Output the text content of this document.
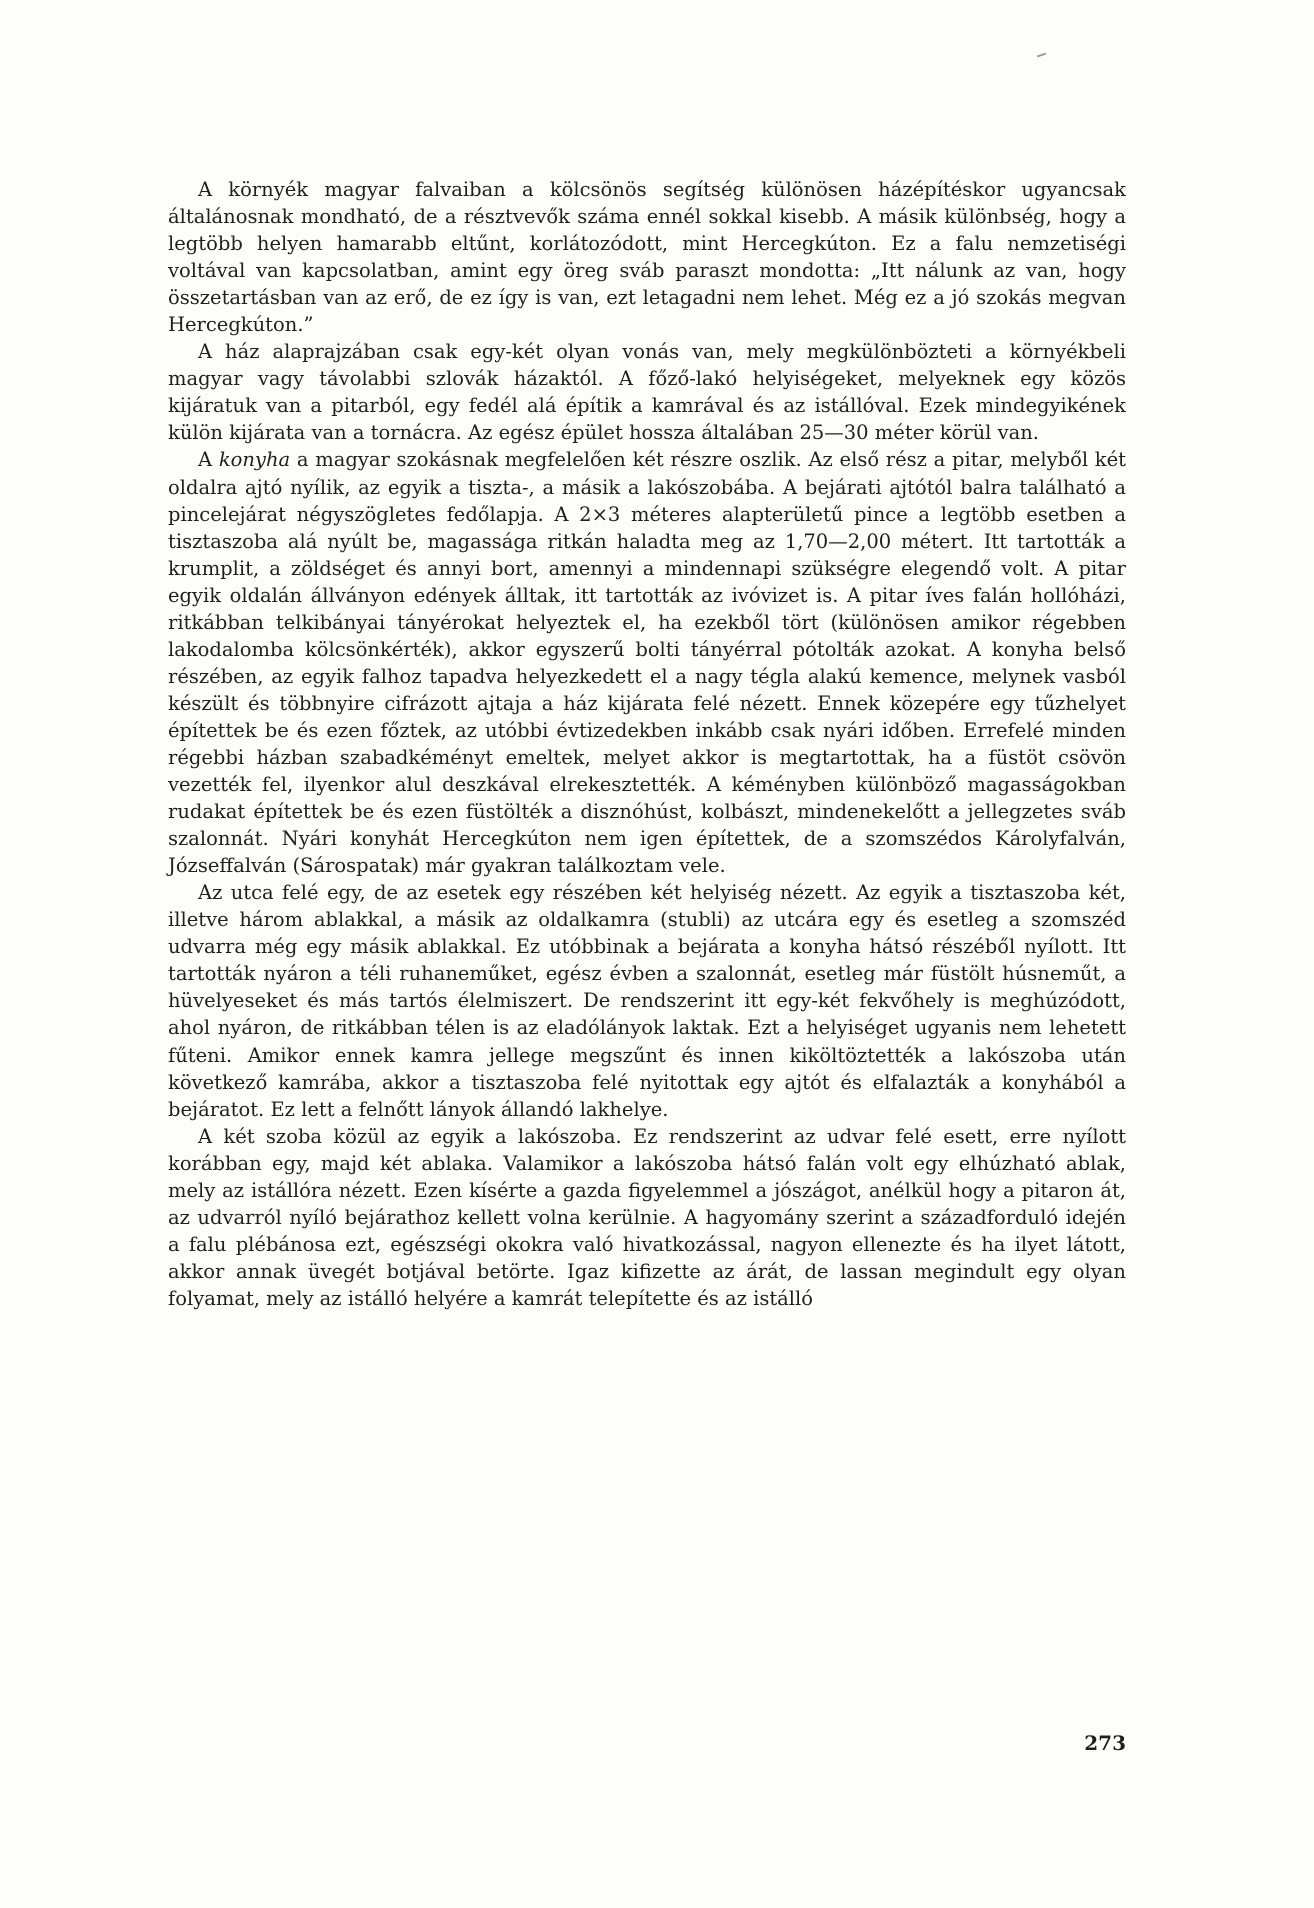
A környék magyar falvaiban a kölcsönös segítség különösen házépítéskor ugyancsak általánosnak mondható, de a résztvevők száma ennél sokkal kisebb. A másik különbség, hogy a legtöbb helyen hamarabb eltűnt, korlátozódott, mint Hercegkúton. Ez a falu nemzetiségi voltával van kapcsolatban, amint egy öreg sváb paraszt mondotta: „Itt nálunk az van, hogy összetartásban van az erő, de ez így is van, ezt letagadni nem lehet. Még ez a jó szokás megvan Hercegkúton.”

A ház alaprajzában csak egy-két olyan vonás van, mely megkülönbözteti a környékbeli magyar vagy távolabbi szlovák házaktól. A főző-lakó helyiségeket, melyeknek egy közös kijáratuk van a pitarból, egy fedél alá építik a kamrával és az istállóval. Ezek mindegyikének külön kijárata van a tornácra. Az egész épület hossza általában 25—30 méter körül van.

A konyha a magyar szokásnak megfelelően két részre oszlik. Az első rész a pitar, melyből két oldalra ajtó nyílik, az egyik a tiszta-, a másik a lakószobába. A bejárati ajtótól balra található a pincelejárat négyszögletes fedőlapja. A 2×3 méteres alapterületű pince a legtöbb esetben a tisztaszoba alá nyúlt be, magassága ritkán haladta meg az 1,70—2,00 métert. Itt tartották a krumplit, a zöldséget és annyi bort, amennyi a mindennapi szükségre elegendő volt. A pitar egyik oldalán állványon edények álltak, itt tartották az ivóvizet is. A pitar íves falán hollóházi, ritkábban telkibányai tányérokat helyeztek el, ha ezekből tört (különösen amikor régebben lakodalomba kölcsönkérték), akkor egyszerű bolti tányérral pótolták azokat. A konyha belső részében, az egyik falhoz tapadva helyezkedett el a nagy tégla alakú kemence, melynek vasból készült és többnyire cifrázott ajtaja a ház kijárata felé nézett. Ennek közepére egy tűzhelyet építettek be és ezen főztek, az utóbbi évtizedekben inkább csak nyári időben. Errefelé minden régebbi házban szabadkéményt emeltek, melyet akkor is megtartottak, ha a füstöt csövön vezették fel, ilyenkor alul deszkával elrekesztették. A kéményben különböző magasságokban rudakat építettek be és ezen füstölték a disznóhúst, kolbászt, mindenekelőtt a jellegzetes sváb szalonnát. Nyári konyhát Hercegkúton nem igen építettek, de a szomszédos Károlyfalván, Józseffalván (Sárospatak) már gyakran találkoztam vele.

Az utca felé egy, de az esetek egy részében két helyiség nézett. Az egyik a tisztaszoba két, illetve három ablakkal, a másik az oldalkamra (stubli) az utcára egy és esetleg a szomszéd udvarra még egy másik ablakkal. Ez utóbbinak a bejárata a konyha hátsó részéből nyílott. Itt tartották nyáron a téli ruhaneműket, egész évben a szalonnát, esetleg már füstölt húsneműt, a hüvelyeseket és más tartós élelmiszert. De rendszerint itt egy-két fekvőhely is meghúzódott, ahol nyáron, de ritkábban télen is az eladólányok laktak. Ezt a helyiséget ugyanis nem lehetett fűteni. Amikor ennek kamra jellege megszűnt és innen kiköltöztették a lakószoba után következő kamrába, akkor a tisztaszoba felé nyitottak egy ajtót és elfalazták a konyhából a bejáratot. Ez lett a felnőtt lányok állandó lakhelye.

A két szoba közül az egyik a lakószoba. Ez rendszerint az udvar felé esett, erre nyílott korábban egy, majd két ablaka. Valamikor a lakószoba hátsó falán volt egy elhúzható ablak, mely az istállóra nézett. Ezen kísérte a gazda figyelemmel a jószágot, anélkül hogy a pitaron át, az udvarról nyíló bejárathoz kellett volna kerülnie. A hagyomány szerint a századforduló idején a falu plébánosa ezt, egészségi okokra való hivatkozással, nagyon ellenezte és ha ilyet látott, akkor annak üvegét botjával betörte. Igaz kifizette az árát, de lassan megindult egy olyan folyamat, mely az istálló helyére a kamrát telepítette és az istálló

273
